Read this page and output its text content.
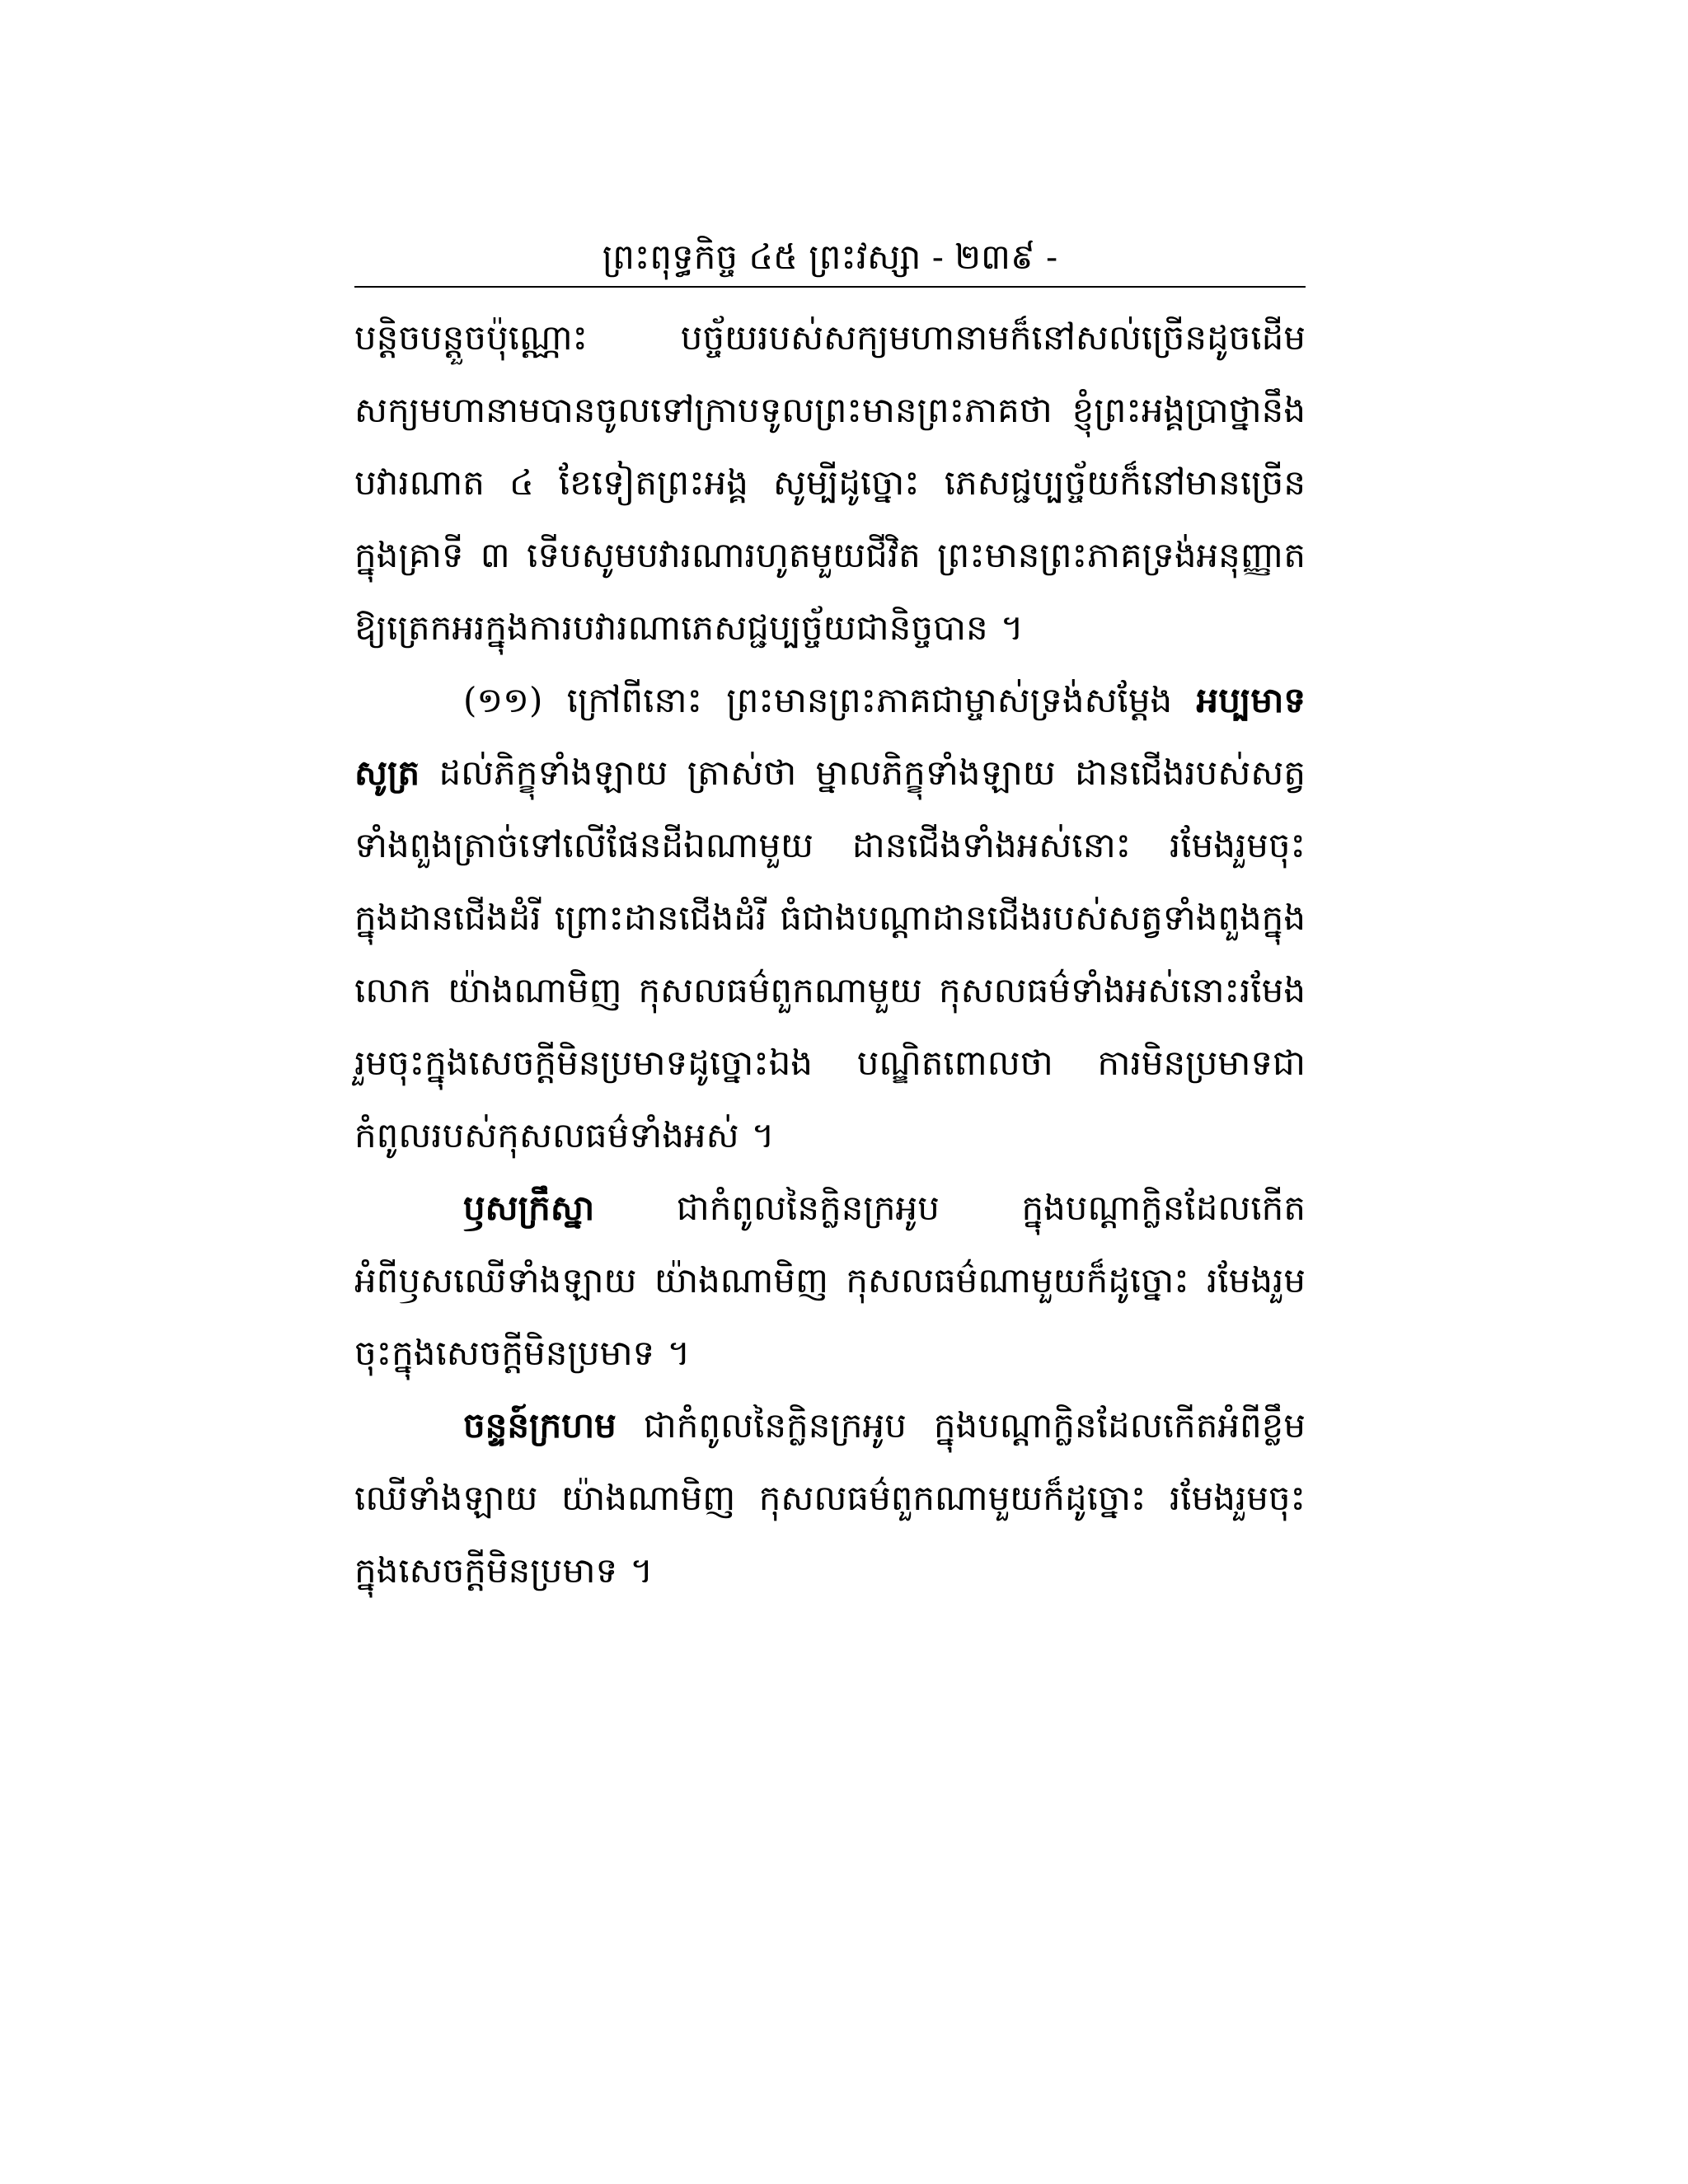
ព្រះពុទ្ធកិច្ច ៤៥ ព្រះវស្សា - ២៣៩ -

បន្តិចបន្តួចប៉ុណ្ណោះ បច្ច័យរបស់សក្យមហានាមក៏នៅសល់ច្រើនដូចដើម សក្យមហានាមបានចូលទៅក្រាបទូលព្រះមានព្រះភាគថា ខ្ញុំព្រះអង្គប្រាថ្នានឹងបវារណាត ៤ ខែទៀតព្រះអង្គ សូម្បីដូច្នោះ ភេសជ្ជប្បច្ច័យក៏នៅមានច្រើន ក្នុងគ្រាទី ៣ ទើបសូមបវារណារហូតមួយជីវិត ព្រះមានព្រះភាគទ្រង់អនុញ្ញាត ឱ្យត្រេកអរក្នុងការបវារណាភេសជ្ជប្បច្ច័យជានិច្ចបាន ។

(១១) ក្រៅពីនោះ ព្រះមានព្រះភាគជាម្ចាស់ទ្រង់សម្តែង អប្បមាទសូត្រ ដល់ភិក្ខុទាំងឡាយ ត្រាស់ថា ម្នាលភិក្ខុទាំងឡាយ ដានជើងរបស់សត្វទាំងពួងត្រាច់ទៅលើផែនដីឯណាមួយ ដានជើងទាំងអស់នោះ រមែងរួមចុះក្នុងដានជើងដំរី ព្រោះដានជើងដំរី ធំជាងបណ្តាដានជើងរបស់សត្វទាំងពួងក្នុងលោក យ៉ាងណាមិញ កុសលធម៌ពួកណាមួយ កុសលធម៌ទាំងអស់នោះរមែងរួមចុះក្នុងសេចក្តីមិនប្រមាទដូច្នោះឯង បណ្ឌិតពោលថា ការមិនប្រមាទជាកំពូលរបស់កុសលធម៌ទាំងអស់ ។

ឫសក្រឹស្នា ជាកំពូលនៃក្លិនក្រអូប ក្នុងបណ្តាក្លិនដែលកើតអំពីឫសឈើទាំងឡាយ យ៉ាងណាមិញ កុសលធម៌ណាមួយក៏ដូច្នោះ រមែងរួមចុះក្នុងសេចក្តីមិនប្រមាទ ។

ចន្ទន៍ក្រហម ជាកំពូលនៃក្លិនក្រអូប ក្នុងបណ្តាក្លិនដែលកើតអំពីខ្លឹមឈើទាំងឡាយ យ៉ាងណាមិញ កុសលធម៌ពួកណាមួយក៏ដូច្នោះ រមែងរួមចុះក្នុងសេចក្តីមិនប្រមាទ ។
